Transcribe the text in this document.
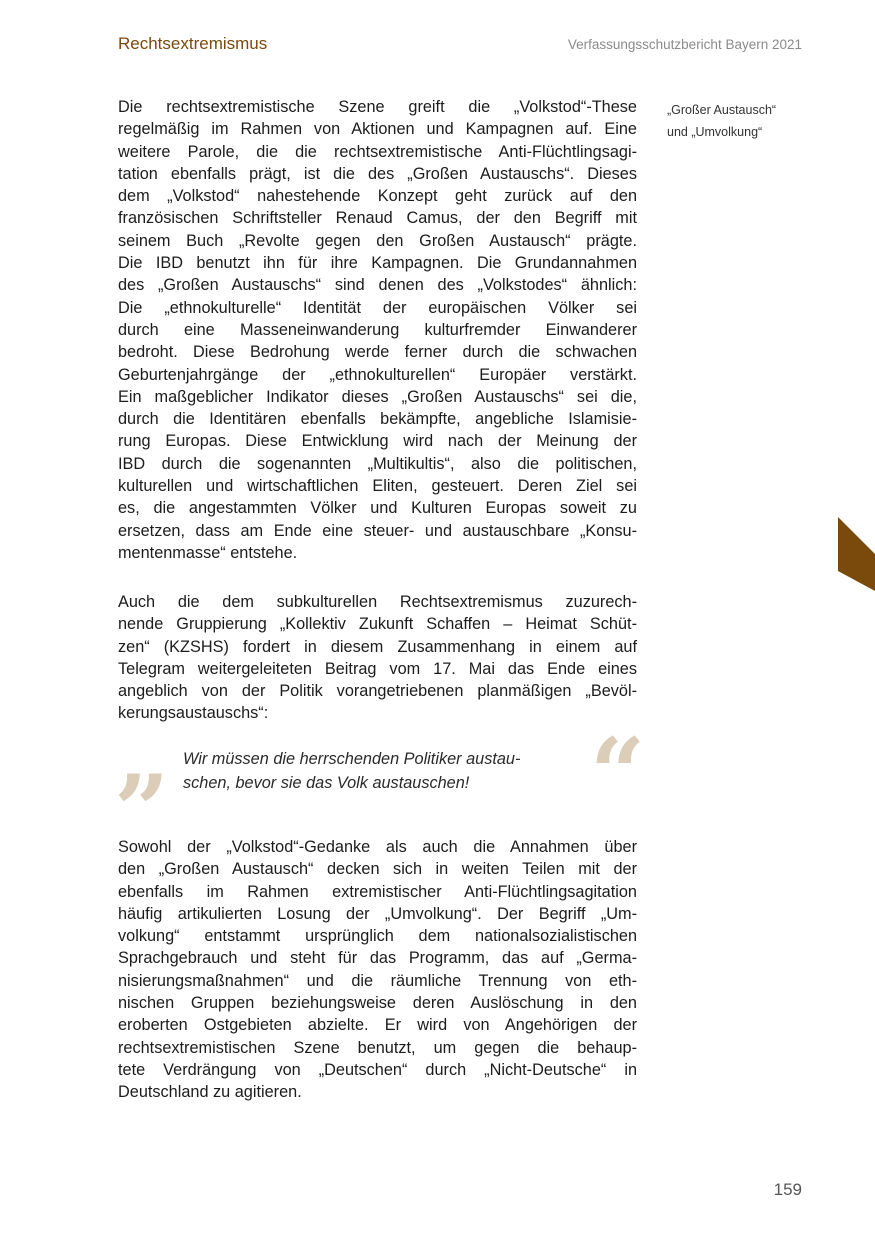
Rechtsextremismus	Verfassungsschutzbericht Bayern 2021
„Großer Austausch“
und „Umvolkung“

Die rechtsextremistische Szene greift die „Volkstod“-These
regelmäßig im Rahmen von Aktionen und Kampagnen auf. Eine
weitere Parole, die die rechtsextremistische Anti-Flüchtlingsagi-
tation ebenfalls prägt, ist die des „Großen Austauschs“. Dieses
dem „Volkstod“ nahestehende Konzept geht zurück auf den
französischen Schriftsteller Renaud Camus, der den Begriff mit
seinem Buch „Revolte gegen den Großen Austausch“ prägte.
Die IBD benutzt ihn für ihre Kampagnen. Die Grundannahmen
des „Großen Austauschs“ sind denen des „Volkstodes“ ähnlich:
Die „ethnokulturelle“ Identität der europäischen Völker sei
durch eine Masseneinwanderung kulturfremder Einwanderer
bedroht. Diese Bedrohung werde ferner durch die schwachen
Geburtenjahrgänge der „ethnokulturellen“ Europäer verstärkt.
Ein maßgeblicher Indikator dieses „Großen Austauschs“ sei die,
durch die Identitären ebenfalls bekämpfte, angebliche Islamisie-
rung Europas. Diese Entwicklung wird nach der Meinung der
IBD durch die sogenannten „Multikultis“, also die politischen,
kulturellen und wirtschaftlichen Eliten, gesteuert. Deren Ziel sei
es, die angestammten Völker und Kulturen Europas soweit zu
ersetzen, dass am Ende eine steuer- und austauschbare „Konsu-
mentenmasse“ entstehe.

Auch die dem subkulturellen Rechtsextremismus zuzurech-
nende Gruppierung „Kollektiv Zukunft Schaffen – Heimat Schüt-
zen“ (KZSHS) fordert in diesem Zusammenhang in einem auf
Telegram weitergeleiteten Beitrag vom 17. Mai das Ende eines
angeblich von der Politik vorangetriebenen planmäßigen „Bevöl-
kerungsaustauschs“:

” Wir müssen die herrschenden Politiker austau-
schen, bevor sie das Volk austauschen!	“

Sowohl der „Volkstod“-Gedanke als auch die Annahmen über
den „Großen Austausch“ decken sich in weiten Teilen mit der
ebenfalls im Rahmen extremistischer Anti-Flüchtlingsagitation
häufig artikulierten Losung der „Umvolkung“. Der Begriff „Um-
volkung“ entstammt ursprünglich dem nationalsozialistischen
Sprachgebrauch und steht für das Programm, das auf „Germa-
nisierungsmaßnahmen“ und die räumliche Trennung von eth-
nischen Gruppen beziehungsweise deren Auslöschung in den
eroberten Ostgebieten abzielte. Er wird von Angehörigen der
rechtsextremistischen Szene benutzt, um gegen die behaup-
tete Verdrängung von „Deutschen“ durch „Nicht-Deutsche“ in
Deutschland zu agitieren.

159
